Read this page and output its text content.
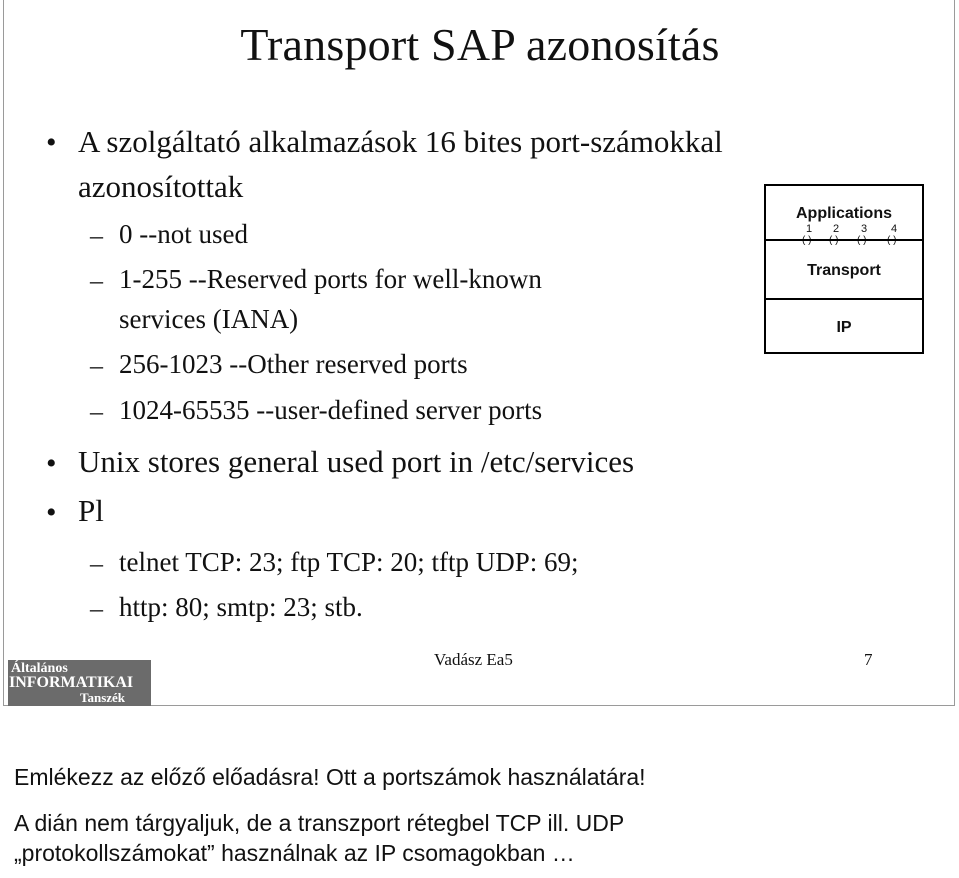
Transport SAP azonosítás
• A szolgáltató alkalmazások 16 bites port-számokkal
azonosítottak
– 0 --not used
– 1-255 --Reserved ports for well-known
services (IANA)
– 256-1023 --Other reserved ports
– 1024-65535 --user-defined server ports
• Unix stores general used port in /etc/services
• Pl
– telnet TCP: 23; ftp TCP: 20; tftp UDP: 69;
– http: 80; smtp: 23; stb.
Applications
1 2 3 4
( ) ( ) ( ) ( )
Transport
IP
Általános
INFORMATIKAI
Tanszék
Vadász Ea5	7
Emlékezz az előző előadásra! Ott a portszámok használatára!
A dián nem tárgyaljuk, de a transzport rétegbel TCP ill. UDP
„protokollszámokat” használnak az IP csomagokban …
